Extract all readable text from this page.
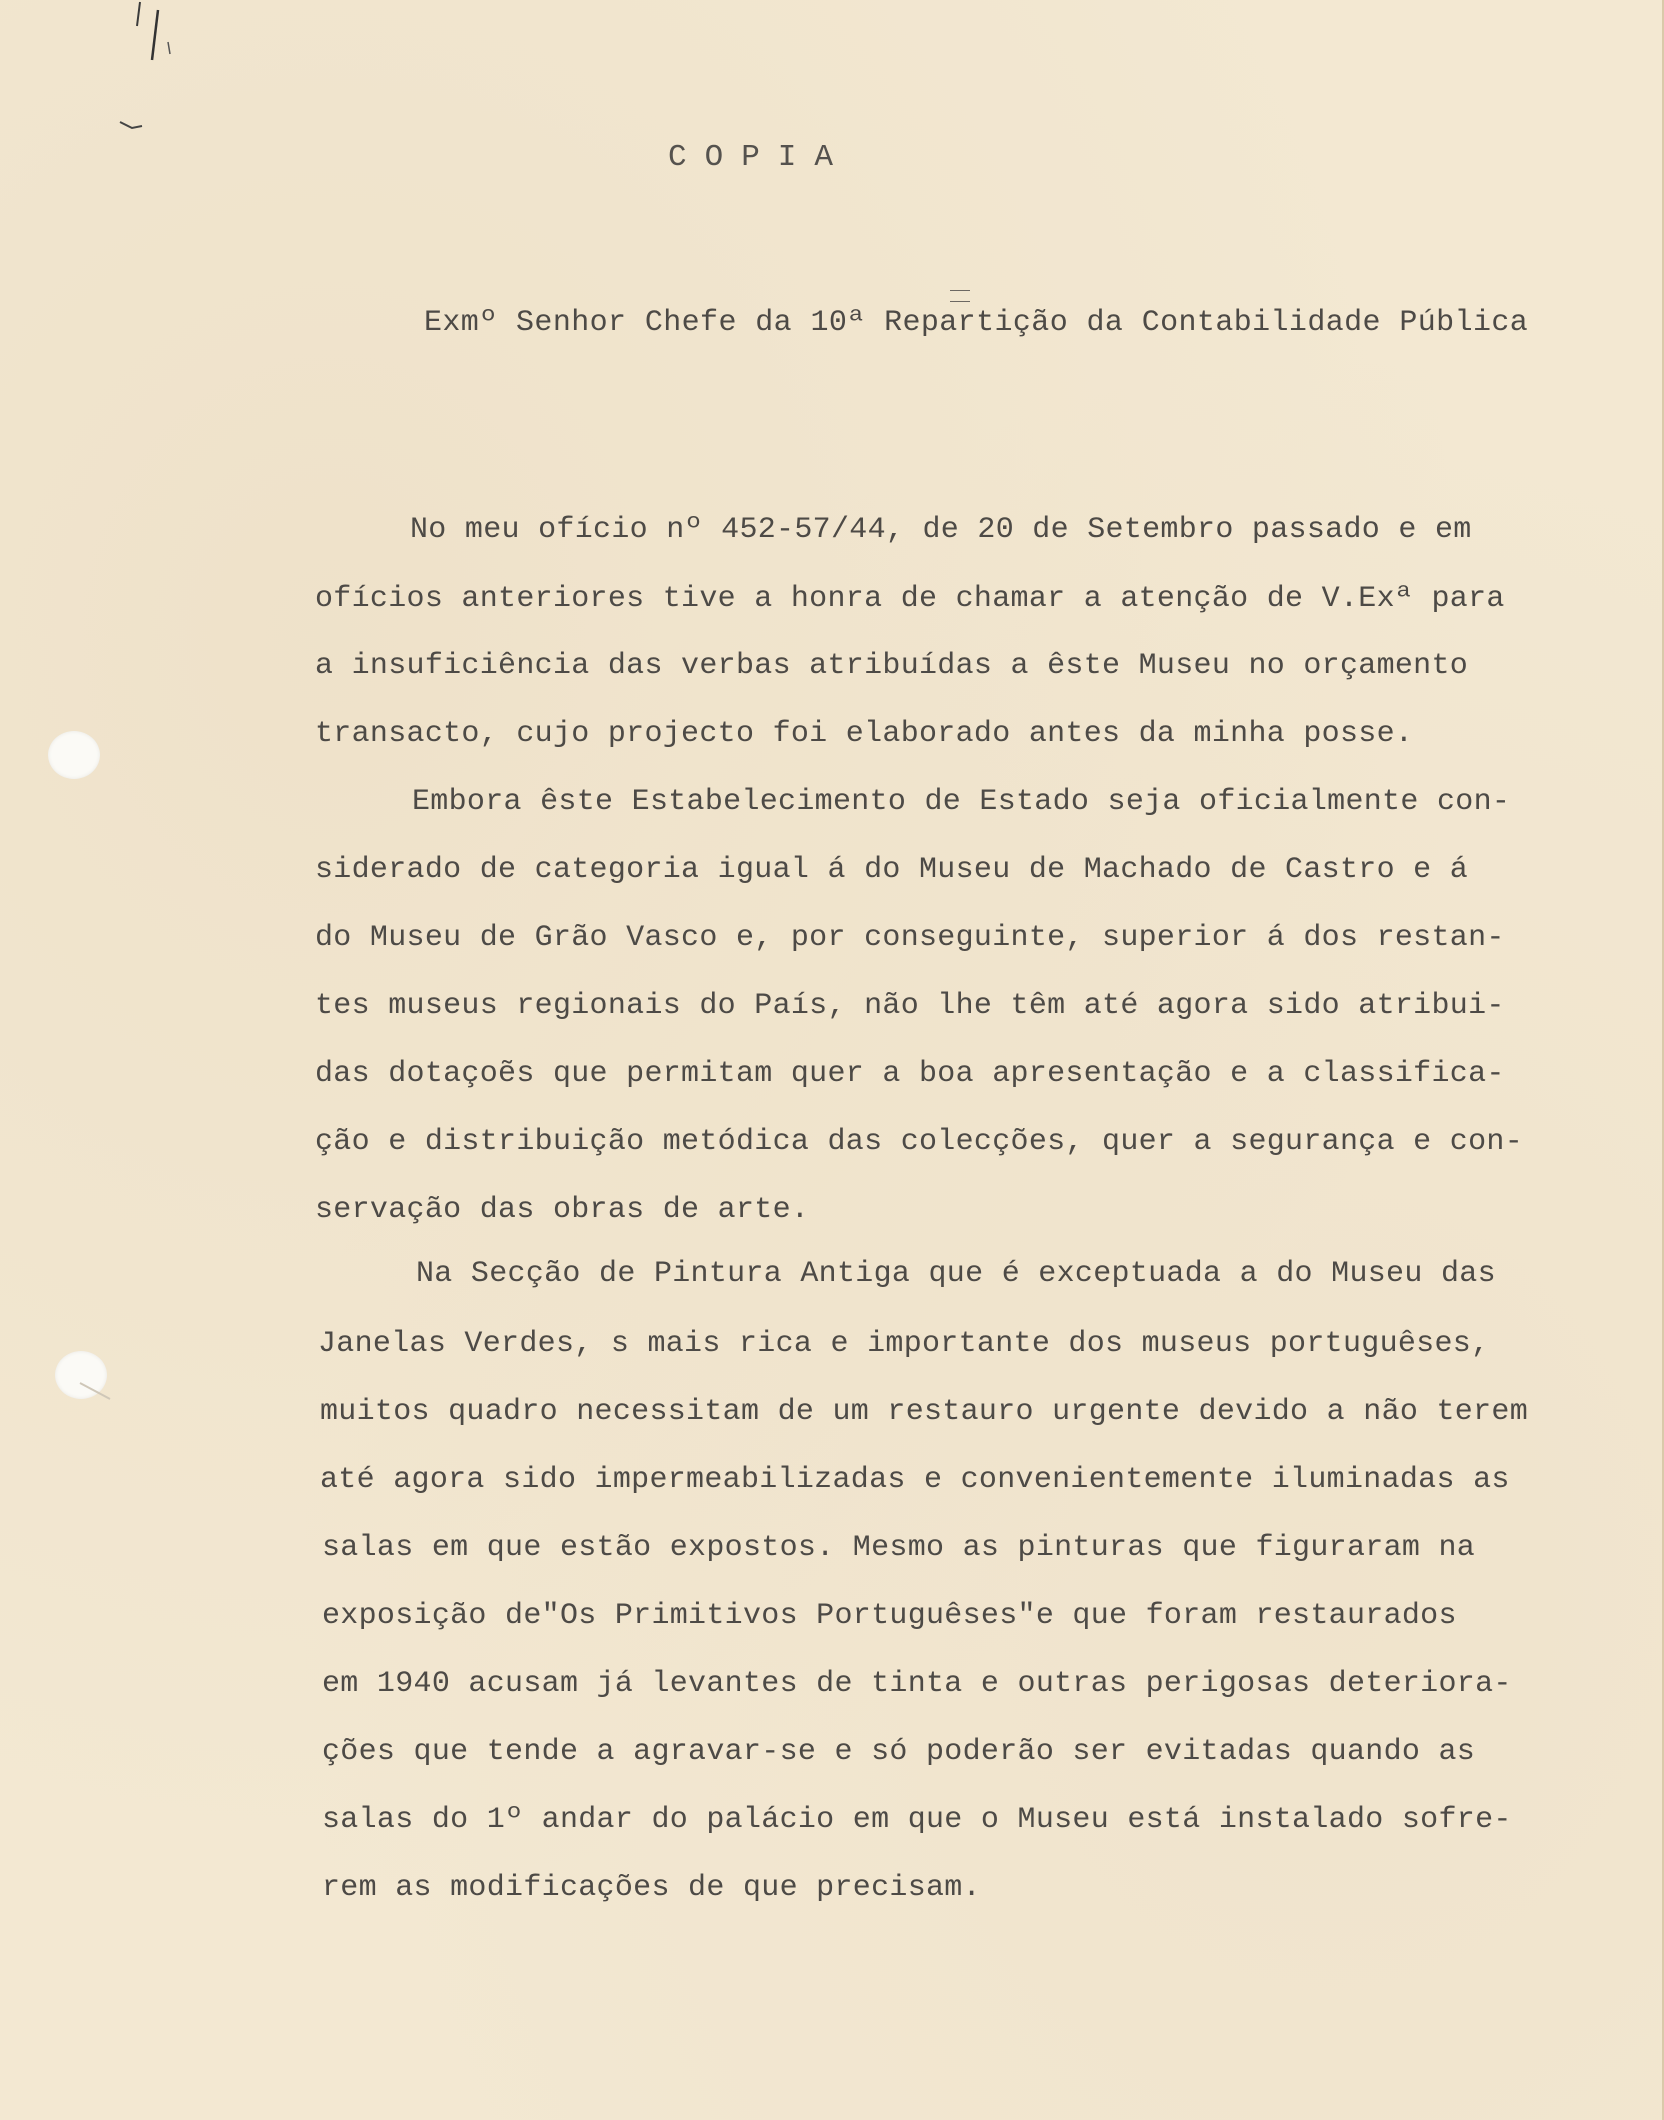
COPIA
Exmº Senhor Chefe da 10ª Repartição da Contabilidade Pública
No meu ofício nº 452-57/44, de 20 de Setembro passado e em
ofícios anteriores tive a honra de chamar a atenção de V.Exª para
a insuficiência das verbas atribuídas a êste Museu no orçamento
transacto, cujo projecto foi elaborado antes da minha posse.
Embora êste Estabelecimento de Estado seja oficialmente con-
siderado de categoria igual á do Museu de Machado de Castro e á
do Museu de Grão Vasco e, por conseguinte, superior á dos restan-
tes museus regionais do País, não lhe têm até agora sido atribui-
das dotaçoẽs que permitam quer a boa apresentação e a classifica-
ção e distribuição metódica das colecções, quer a segurança e con-
servação das obras de arte.
Na Secção de Pintura Antiga que é exceptuada a do Museu das
Janelas Verdes, s mais rica e importante dos museus portuguêses,
muitos quadro necessitam de um restauro urgente devido a não terem
até agora sido impermeabilizadas e convenientemente iluminadas as
salas em que estão expostos. Mesmo as pinturas que figuraram na
exposição de"Os Primitivos Portuguêses"e que foram restaurados
em 1940 acusam já levantes de tinta e outras perigosas deteriora-
ções que tende a agravar-se e só poderão ser evitadas quando as
salas do 1º andar do palácio em que o Museu está instalado sofre-
rem as modificações de que precisam.
